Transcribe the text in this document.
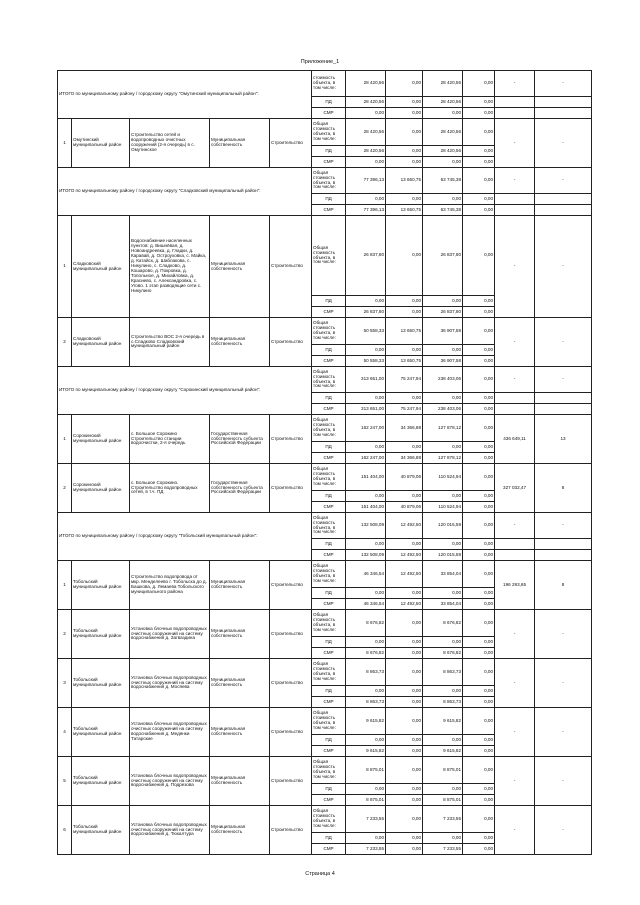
Приложение_1
ИТОГО по муниципальному району / городскому округу "Омутинский муниципальный район":					стоимость объекта, в том числе:	28 420,56	0,00	28 420,56	0,00	-	-
					ПД	28 420,56	0,00	28 420,56	0,00		
					СМР	0,00	0,00	0,00	0,00		
1	Омутинский муниципальный район	Строительство сетей и водопроводных очистных сооружений (2-я очередь) в с. Омутинское	Муниципальная собственность	Строительство	Общая стоимость объекта, в том числе:	28 420,56	0,00	28 420,56	0,00	-	-
					ПД	28 420,56	0,00	28 420,56	0,00		
					СМР	0,00	0,00	0,00	0,00		
ИТОГО по муниципальному району / городскому округу "Сладковский муниципальный район":					Общая стоимость объекта, в том числе:	77 396,13	13 650,75	63 745,38	0,00	-	-
					ПД	0,00	0,00	0,00	0,00		
					СМР	77 396,13	13 650,75	63 745,38	0,00		
1	Сладковский муниципальный район	Водоснабжение населенных пунктов: д. Вишнёвая, д. Новоандреевка, д. Гладки, д. Каравай, д. Остроуховка, с. Майка, д. Катайск, д. Шаблакова, с. Никулино, с. Сладково, д. Кошарово, д. Покровка, д. Топольное, д. Михайловка, д. Красиево, с. Александровка, с. Угово. 1 этап разводящие сети с. Никулино	Муниципальная собственность	Строительство	Общая стоимость объекта, в том числе:	26 837,80	0,00	26 837,80	0,00	-	-
					ПД	0,00	0,00	0,00	0,00		
					СМР	26 837,80	0,00	26 837,80	0,00		
2	Сладковский муниципальный район	Строительство ВОС 2-я очередь в с.Сладково Сладковский муниципальный район	Муниципальная собственность	Строительство	Общая стоимость объекта, в том числе:	50 558,33	13 650,75	36 907,58	0,00	-	-
					ПД	0,00	0,00	0,00	0,00		
					СМР	50 558,33	13 650,75	36 907,58	0,00		
ИТОГО по муниципальному району / городскому округу "Сорокинский муниципальный район":					Общая стоимость объекта, в том числе:	313 651,00	75 247,94	238 403,06	0,00	-	-
					ПД	0,00	0,00	0,00	0,00		
					СМР	313 651,00	75 247,94	238 403,06	0,00		
1	Сорокинский муниципальный район	с. Большое Сорокино Строительство станции водоочистки, 2-я очередь	Государственная собственность субъекта Российской Федерации	Строительство	Общая стоимость объекта, в том числе:	162 247,00	34 366,88	127 878,12	0,00	436 649,11	13
					ПД	0,00	0,00	0,00	0,00		
					СМР	162 247,00	34 366,88	127 878,12	0,00		
2	Сорокинский муниципальный район	с. Большое Сорокино. Строительство водопроводных сетей, в т.ч. ПД	Государственная собственность субъекта Российской Федерации	Строительство	Общая стоимость объекта, в том числе:	151 404,00	40 879,06	110 524,94	0,00	327 032,47	8
					ПД	0,00	0,00	0,00	0,00		
					СМР	151 404,00	40 879,06	110 524,94	0,00		
ИТОГО по муниципальному району / городскому округу "Тобольский муниципальный район":					Общая стоимость объекта, в том числе:	132 508,09	12 492,50	120 015,59	0,00	-	-
					ПД	0,00	0,00	0,00	0,00		
					СМР	132 508,09	12 492,50	120 015,59	0,00		
1	Тобольский муниципальный район	Строительство водопровода от мкр. Менделеево г. Тобольска до д. Башкова, д. Лемаева Тобольского муниципального района	Муниципальная собственность	Строительство	Общая стоимость объекта, в том числе:	46 346,54	12 492,50	33 854,04	0,00	196 293,65	8
					ПД	0,00	0,00	0,00	0,00		
					СМР	46 346,54	12 492,50	33 854,04	0,00		
2	Тобольский муниципальный район	Установка блочных водопроводных очистных сооружений на систему водоснабжения д. Загваздина	Муниципальная собственность	Строительство	Общая стоимость объекта, в том числе:	8 676,82	0,00	8 676,82	0,00	-	-
					ПД	0,00	0,00	0,00	0,00		
					СМР	8 676,82	0,00	8 676,82	0,00		
3	Тобольский муниципальный район	Установка блочных водопроводных очистных сооружений на систему водоснабжения д. Мосяева	Муниципальная собственность	Строительство	Общая стоимость объекта, в том числе:	8 863,73	0,00	8 863,73	0,00	-	-
					ПД	0,00	0,00	0,00	0,00		
					СМР	8 863,73	0,00	8 863,73	0,00		
4	Тобольский муниципальный район	Установка блочных водопроводных очистных сооружений на систему водоснабжения д. Медянки Татарские	Муниципальная собственность	Строительство	Общая стоимость объекта, в том числе:	9 615,82	0,00	9 615,82	0,00	-	-
					ПД	0,00	0,00	0,00	0,00		
					СМР	9 615,82	0,00	9 615,82	0,00		
5	Тобольский муниципальный район	Установка блочных водопроводных очистных сооружений на систему водоснабжения д. Подрезова	Муниципальная собственность	Строительство	Общая стоимость объекта, в том числе:	8 875,01	0,00	8 875,01	0,00	-	-
					ПД	0,00	0,00	0,00	0,00		
					СМР	8 875,01	0,00	8 875,01	0,00		
6	Тобольский муниципальный район	Установка блочных водопроводных очистных сооружений на систему водоснабжения д. Тюкалтура	Муниципальная собственность	Строительство	Общая стоимость объекта, в том числе:	7 233,55	0,00	7 233,55	0,00	-	-
					ПД	0,00	0,00	0,00	0,00		
					СМР	7 233,55	0,00	7 233,55	0,00		
Страница 4
